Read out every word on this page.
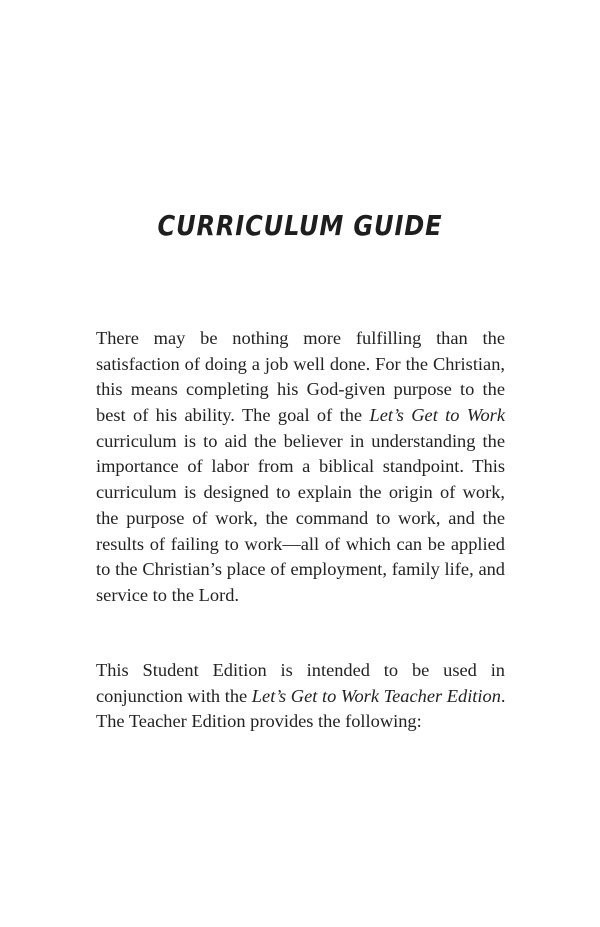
CURRICULUM GUIDE
There may be nothing more fulfilling than the
satisfaction of doing a job well done. For the Christian,
this means completing his God-given purpose to the
best of his ability. The goal of the Let’s Get to Work
curriculum is to aid the believer in understanding the
importance of labor from a biblical standpoint. This
curriculum is designed to explain the origin of work,
the purpose of work, the command to work, and the
results of failing to work—all of which can be applied
to the Christian’s place of employment, family life, and
service to the Lord.
This Student Edition is intended to be used in
conjunction with the Let’s Get to Work Teacher Edition.
The Teacher Edition provides the following:
